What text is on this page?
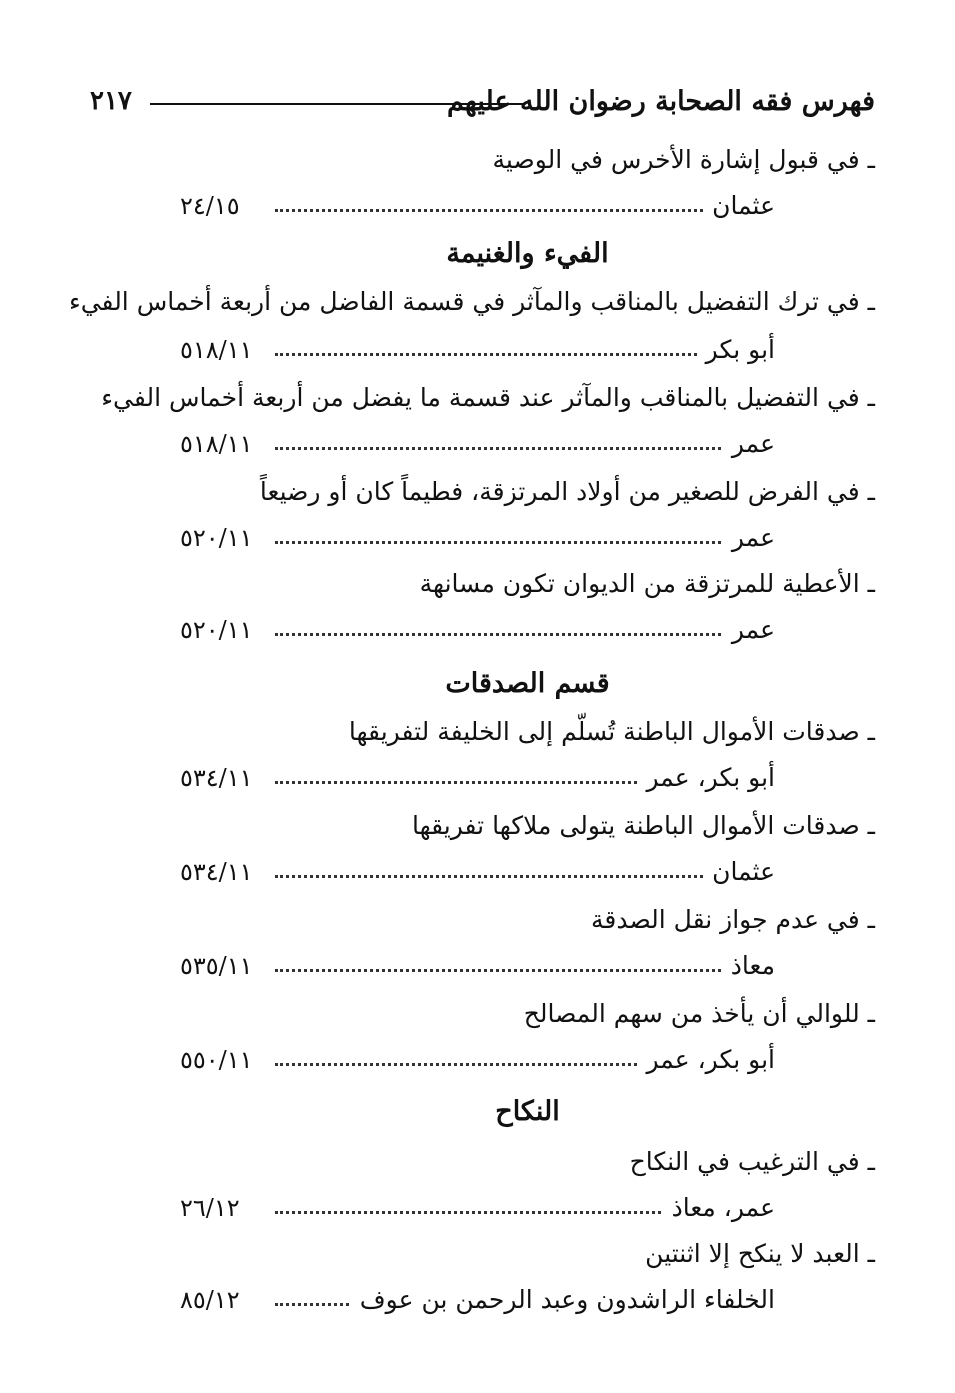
فهرس فقه الصحابة رضوان الله عليهم
٢١٧
ـ في قبول إشارة الأخرس في الوصية
عثمان
٢٤/١٥
الفيء والغنيمة
ـ في ترك التفضيل بالمناقب والمآثر في قسمة الفاضل من أربعة أخماس الفيء
أبو بكر
٥١٨/١١
ـ في التفضيل بالمناقب والمآثر عند قسمة ما يفضل من أربعة أخماس الفيء
عمر
٥١٨/١١
ـ في الفرض للصغير من أولاد المرتزقة، فطيماً كان أو رضيعاً
عمر
٥٢٠/١١
ـ الأعطية للمرتزقة من الديوان تكون مسانهة
عمر
٥٢٠/١١
قسم الصدقات
ـ صدقات الأموال الباطنة تُسلّم إلى الخليفة لتفريقها
أبو بكر، عمر
٥٣٤/١١
ـ صدقات الأموال الباطنة يتولى ملاكها تفريقها
عثمان
٥٣٤/١١
ـ في عدم جواز نقل الصدقة
معاذ
٥٣٥/١١
ـ للوالي أن يأخذ من سهم المصالح
أبو بكر، عمر
٥٥٠/١١
النكاح
ـ في الترغيب في النكاح
عمر، معاذ
٢٦/١٢
ـ العبد لا ينكح إلا اثنتين
الخلفاء الراشدون وعبد الرحمن بن عوف
٨٥/١٢
